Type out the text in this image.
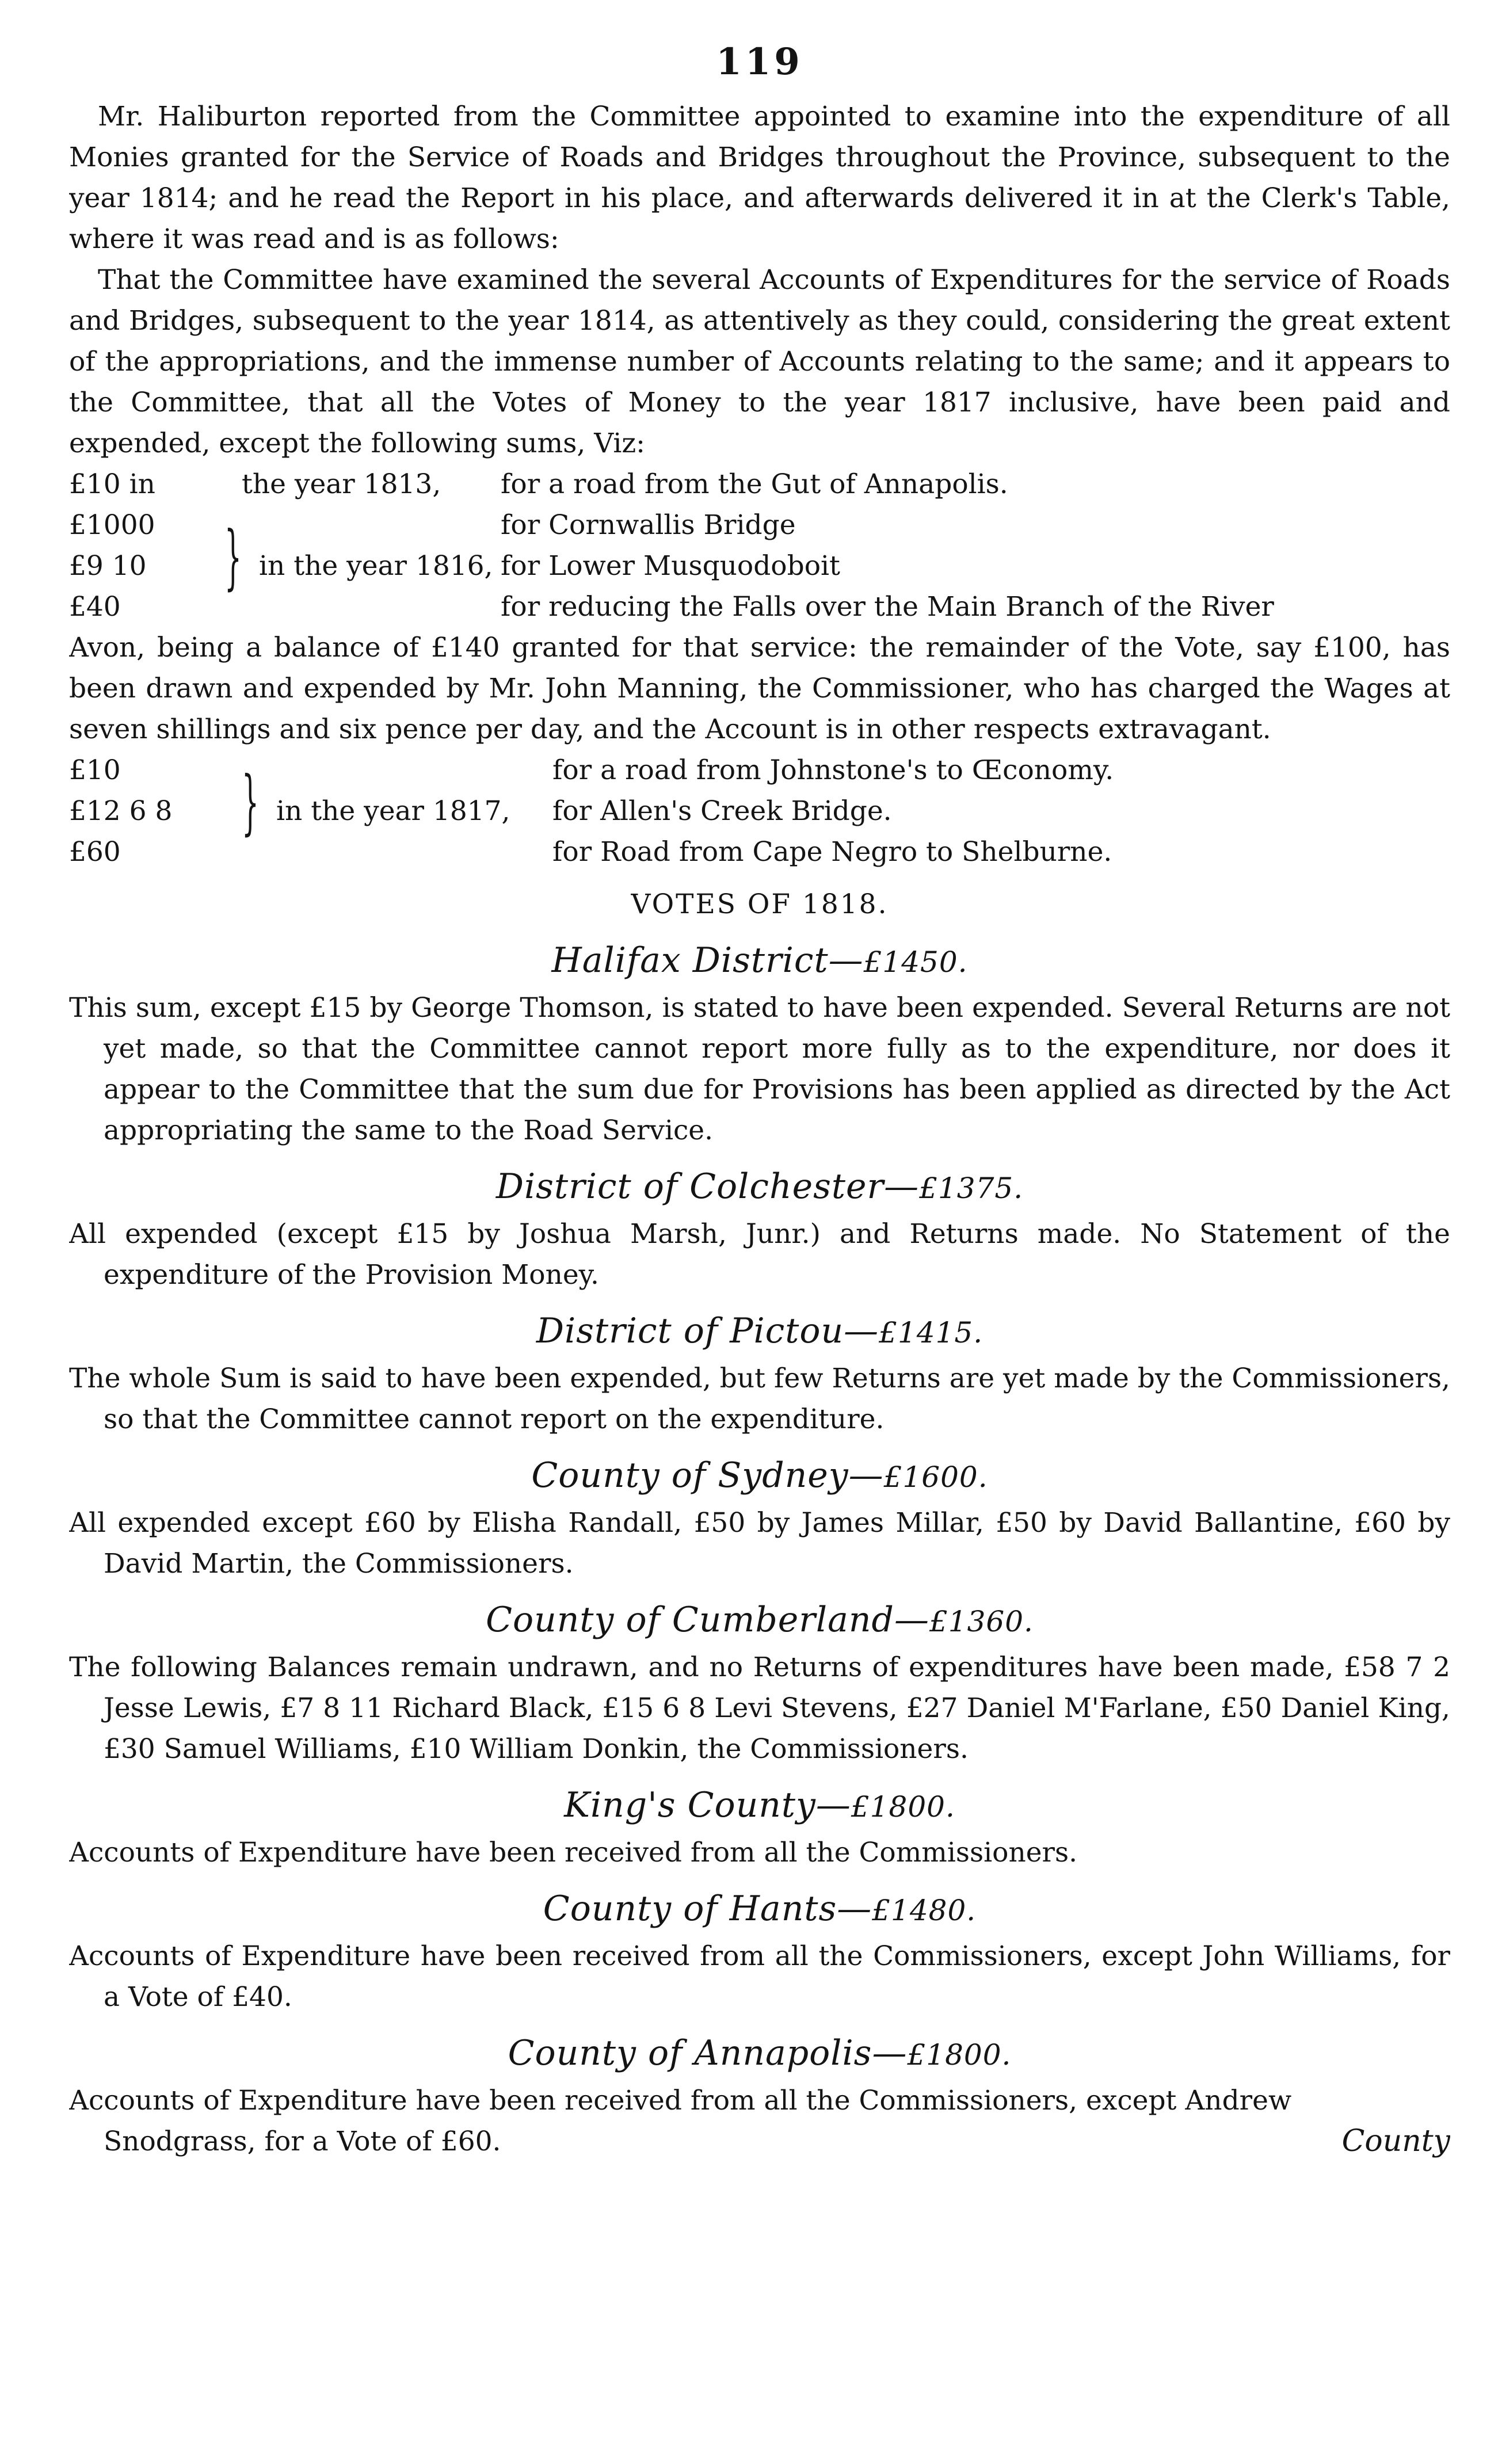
119

Mr. Haliburton reported from the Committee appointed to examine into the expenditure of all Monies granted for the Service of Roads and Bridges throughout the Province, subsequent to the year 1814; and he read the Report in his place, and afterwards delivered it in at the Clerk's Table, where it was read and is as follows:

That the Committee have examined the several Accounts of Expenditures for the service of Roads and Bridges, subsequent to the year 1814, as attentively as they could, considering the great extent of the appropriations, and the immense number of Accounts relating to the same; and it appears to the Committee, that all the Votes of Money to the year 1817 inclusive, have been paid and expended, except the following sums, Viz:

£10 in	the year 1813, for a road from the Gut of Annapolis.
}
£1000	for Cornwallis Bridge
£9 10	in the year 1816, for Lower Musquodoboit
£40	for reducing the Falls over the Main Branch of the River

Avon, being a balance of £140 granted for that service: the remainder of the Vote, say £100, has been drawn and expended by Mr. John Manning, the Commissioner, who has charged the Wages at seven shillings and six pence per day, and the Account is in other respects extravagant.

}
£10	for a road from Johnstone's to Œconomy.
£12 6 8	in the year 1817, for Allen's Creek Bridge.
£60	for Road from Cape Negro to Shelburne.
VOTES OF 1818.
Halifax District—£1450.

This sum, except £15 by George Thomson, is stated to have been expended. Several Returns are not yet made, so that the Committee cannot report more fully as to the expenditure, nor does it appear to the Committee that the sum due for Provisions has been applied as directed by the Act appropriating the same to the Road Service.

District of Colchester—£1375.

All expended (except £15 by Joshua Marsh, Junr.) and Returns made. No Statement of the expenditure of the Provision Money.

District of Pictou—£1415.

The whole Sum is said to have been expended, but few Returns are yet made by the Commissioners, so that the Committee cannot report on the expenditure.

County of Sydney—£1600.

All expended except £60 by Elisha Randall, £50 by James Millar, £50 by David Ballantine, £60 by David Martin, the Commissioners.

County of Cumberland—£1360.

The following Balances remain undrawn, and no Returns of expenditures have been made, £58 7 2 Jesse Lewis, £7 8 11 Richard Black, £15 6 8 Levi Stevens, £27 Daniel M'Farlane, £50 Daniel King, £30 Samuel Williams, £10 William Donkin, the Commissioners.

King's County—£1800.

Accounts of Expenditure have been received from all the Commissioners.

County of Hants—£1480.

Accounts of Expenditure have been received from all the Commissioners, except John Williams, for a Vote of £40.

County of Annapolis—£1800.

Accounts of Expenditure have been received from all the Commissioners, except Andrew

Snodgrass, for a Vote of £60.	County
